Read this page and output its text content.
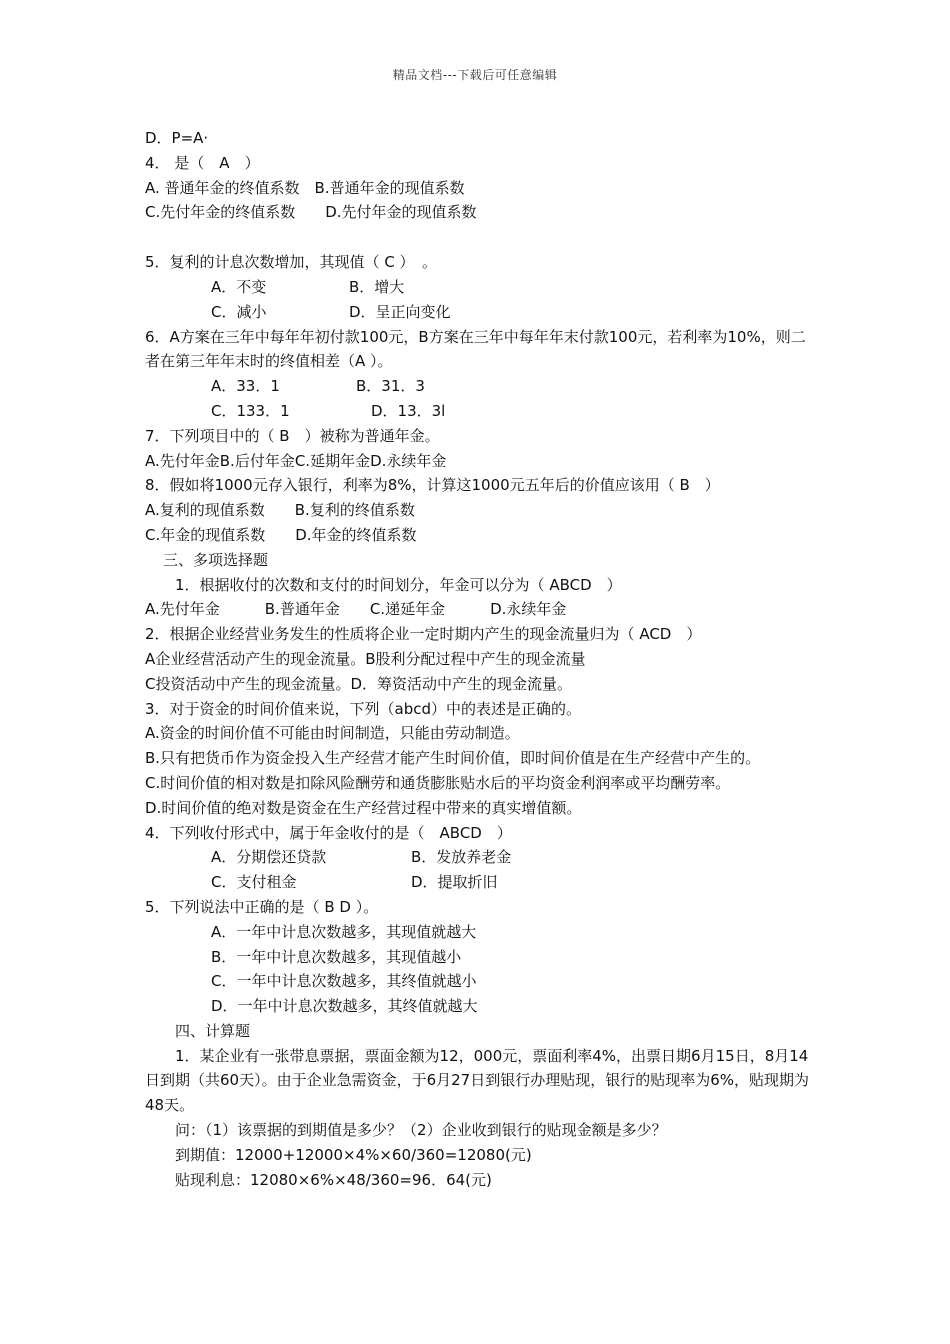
精品文档---下载后可任意编辑
D．P=A·
4． 是（　A　）
A. 普通年金的终值系数　B.普通年金的现值系数
C.先付年金的终值系数　　D.先付年金的现值系数
5．复利的计息次数增加，其现值（ C ）　。
A．不变	B．增大
C．减小	D．呈正向变化
6．A方案在三年中每年年初付款100元，B方案在三年中每年年末付款100元，若利率为10%，则二者在第三年年末时的终值相差（A ）。
A．33．1	B．31．3
C．133．1	D．13．3l
7．下列项目中的（ B　）被称为普通年金。
A.先付年金B.后付年金C.延期年金D.永续年金
8．假如将1000元存入银行，利率为8%，计算这1000元五年后的价值应该用（ B　）
A.复利的现值系数　　B.复利的终值系数
C.年金的现值系数　　D.年金的终值系数
三、多项选择题
1．根据收付的次数和支付的时间划分，年金可以分为（ ABCD　）
A.先付年金　　　B.普通年金　　C.递延年金　　　D.永续年金
2．根据企业经营业务发生的性质将企业一定时期内产生的现金流量归为（ ACD　）
A企业经营活动产生的现金流量。B股利分配过程中产生的现金流量
C投资活动中产生的现金流量。D．筹资活动中产生的现金流量。
3．对于资金的时间价值来说，下列（abcd）中的表述是正确的。
A.资金的时间价值不可能由时间制造，只能由劳动制造。
B.只有把货币作为资金投入生产经营才能产生时间价值，即时间价值是在生产经营中产生的。
C.时间价值的相对数是扣除风险酬劳和通货膨胀贴水后的平均资金利润率或平均酬劳率。
D.时间价值的绝对数是资金在生产经营过程中带来的真实增值额。
4．下列收付形式中，属于年金收付的是（　ABCD　）
A．分期偿还贷款	B．发放养老金
C．支付租金	D．提取折旧
5．下列说法中正确的是（ B D ）。
A．一年中计息次数越多，其现值就越大
B．一年中计息次数越多，其现值越小
C．一年中计息次数越多，其终值就越小
D．一年中计息次数越多，其终值就越大
四、计算题
1．某企业有一张带息票据，票面金额为12，000元，票面利率4%，出票日期6月15日，8月14日到期（共60天）。由于企业急需资金，于6月27日到银行办理贴现，银行的贴现率为6%，贴现期为48天。
问：（1）该票据的到期值是多少？（2）企业收到银行的贴现金额是多少？
到期值：12000+12000×4%×60/360=12080(元)
贴现利息：12080×6%×48/360=96．64(元)
